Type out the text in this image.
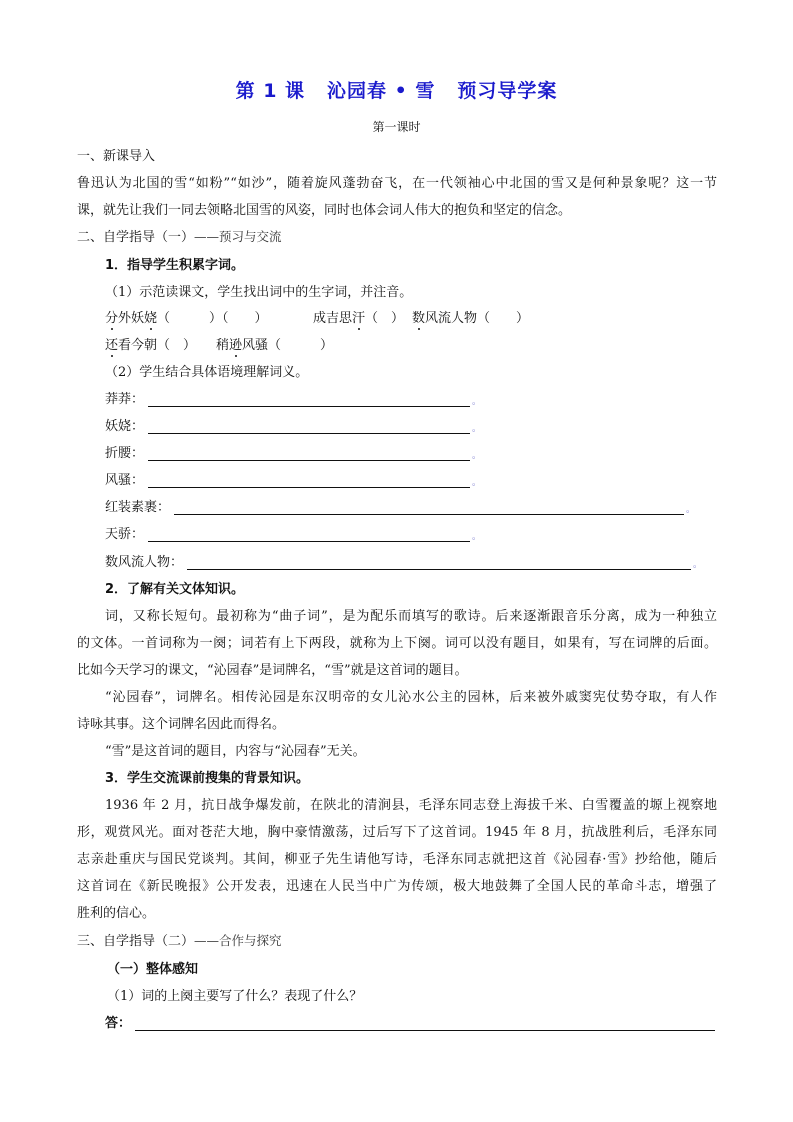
第 1 课 沁园春 • 雪 预习导学案
第一课时
一、新课导入
鲁迅认为北国的雪“如粉”“如沙”，随着旋风蓬勃奋飞，在一代领袖心中北国的雪又是何种景象呢？这一节
课，就先让我们一同去领略北国雪的风姿，同时也体会词人伟大的抱负和坚定的信念。
二、自学指导（一）——预习与交流
1．指导学生积累字词。
（1）示范读课文，学生找出词中的生字词，并注音。
分外妖娆（　　　）（　　）	成吉思汗（　） 数风流人物（　　）
还看今朝（　） 稍逊风骚（　　　）
（2）学生结合具体语境理解词义。
莽莽：	。
妖娆：	。
折腰：	。
风骚：	。
红装素裹：	。
天骄：	。
数风流人物：	。
2．了解有关文体知识。
词，又称长短句。最初称为“曲子词”，是为配乐而填写的歌诗。后来逐渐跟音乐分离，成为一种独立
的文体。一首词称为一阕；词若有上下两段，就称为上下阕。词可以没有题目，如果有，写在词牌的后面。
比如今天学习的课文，“沁园春”是词牌名，“雪”就是这首词的题目。
“沁园春”，词牌名。相传沁园是东汉明帝的女儿沁水公主的园林，后来被外戚窦宪仗势夺取，有人作
诗咏其事。这个词牌名因此而得名。
“雪”是这首词的题目，内容与“沁园春”无关。
3．学生交流课前搜集的背景知识。
1936 年 2 月，抗日战争爆发前，在陕北的清涧县，毛泽东同志登上海拔千米、白雪覆盖的塬上视察地
形，观赏风光。面对苍茫大地，胸中豪情激荡，过后写下了这首词。1945 年 8 月，抗战胜利后，毛泽东同
志亲赴重庆与国民党谈判。其间，柳亚子先生请他写诗，毛泽东同志就把这首《沁园春·雪》抄给他，随后
这首词在《新民晚报》公开发表，迅速在人民当中广为传颂，极大地鼓舞了全国人民的革命斗志，增强了
胜利的信心。
三、自学指导（二）——合作与探究
（一）整体感知
（1）词的上阕主要写了什么？表现了什么？
答：
